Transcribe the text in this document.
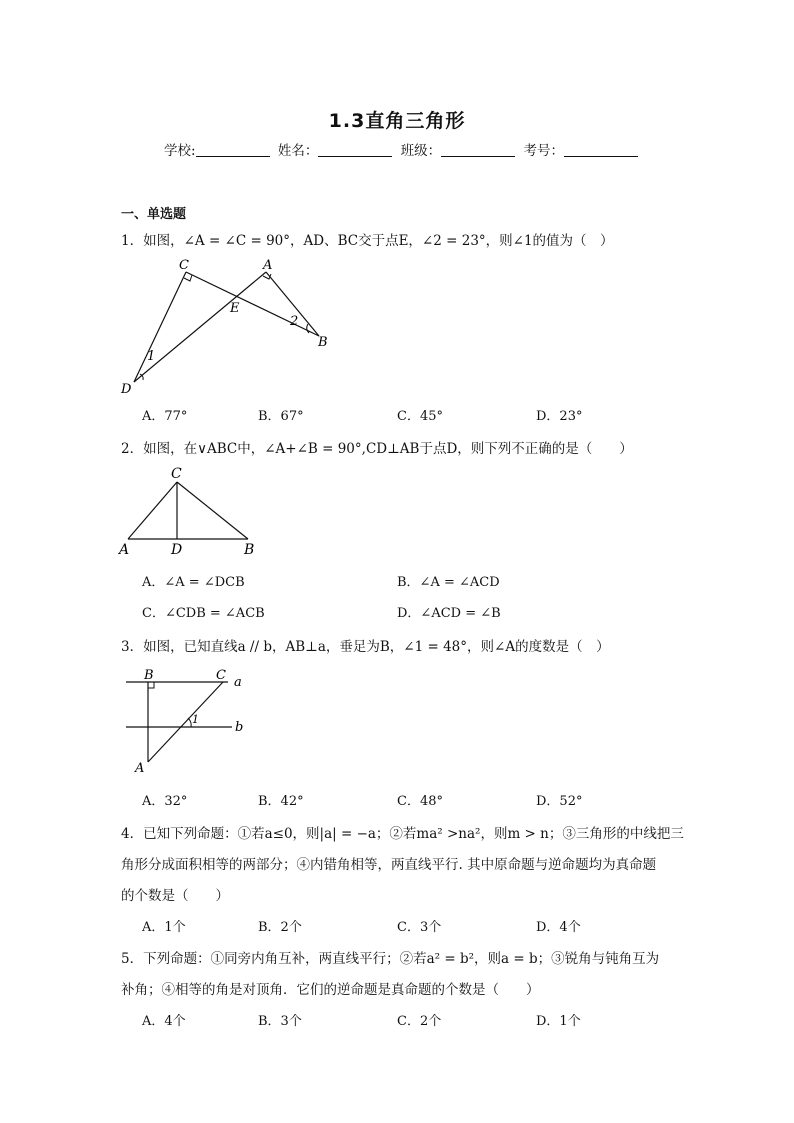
1.3直角三角形
学校:	姓名：	班级：	考号：
一、单选题
1．如图，∠A = ∠C = 90°，AD、BC交于点E，∠2 = 23°，则∠1的值为（　）
C	A
E
2
B
1
D
A．77°	B．67°	C．45°	D．23°
2．如图，在∨ABC中，∠A+∠B = 90°,CD⊥AB于点D，则下列不正确的是（　　）
C
A	D	B
A．∠A = ∠DCB	B．∠A = ∠ACD
C．∠CDB = ∠ACB	D．∠ACD = ∠B
3．如图，已知直线a // b，AB⊥a，垂足为B，∠1 = 48°，则∠A的度数是（　）
B	C a
b
1
A
A．32°	B．42°	C．48°	D．52°
4．已知下列命题：①若a≤0，则|a| = −a；②若ma² >na²，则m > n；③三角形的中线把三
角形分成面积相等的两部分；④内错角相等，两直线平行. 其中原命题与逆命题均为真命题
的个数是（　　）
A．1个	B．2个	C．3个	D．4个
5．下列命题：①同旁内角互补，两直线平行；②若a² = b²，则a = b；③锐角与钝角互为
补角；④相等的角是对顶角．它们的逆命题是真命题的个数是（　　）
A．4个	B．3个	C．2个	D．1个
